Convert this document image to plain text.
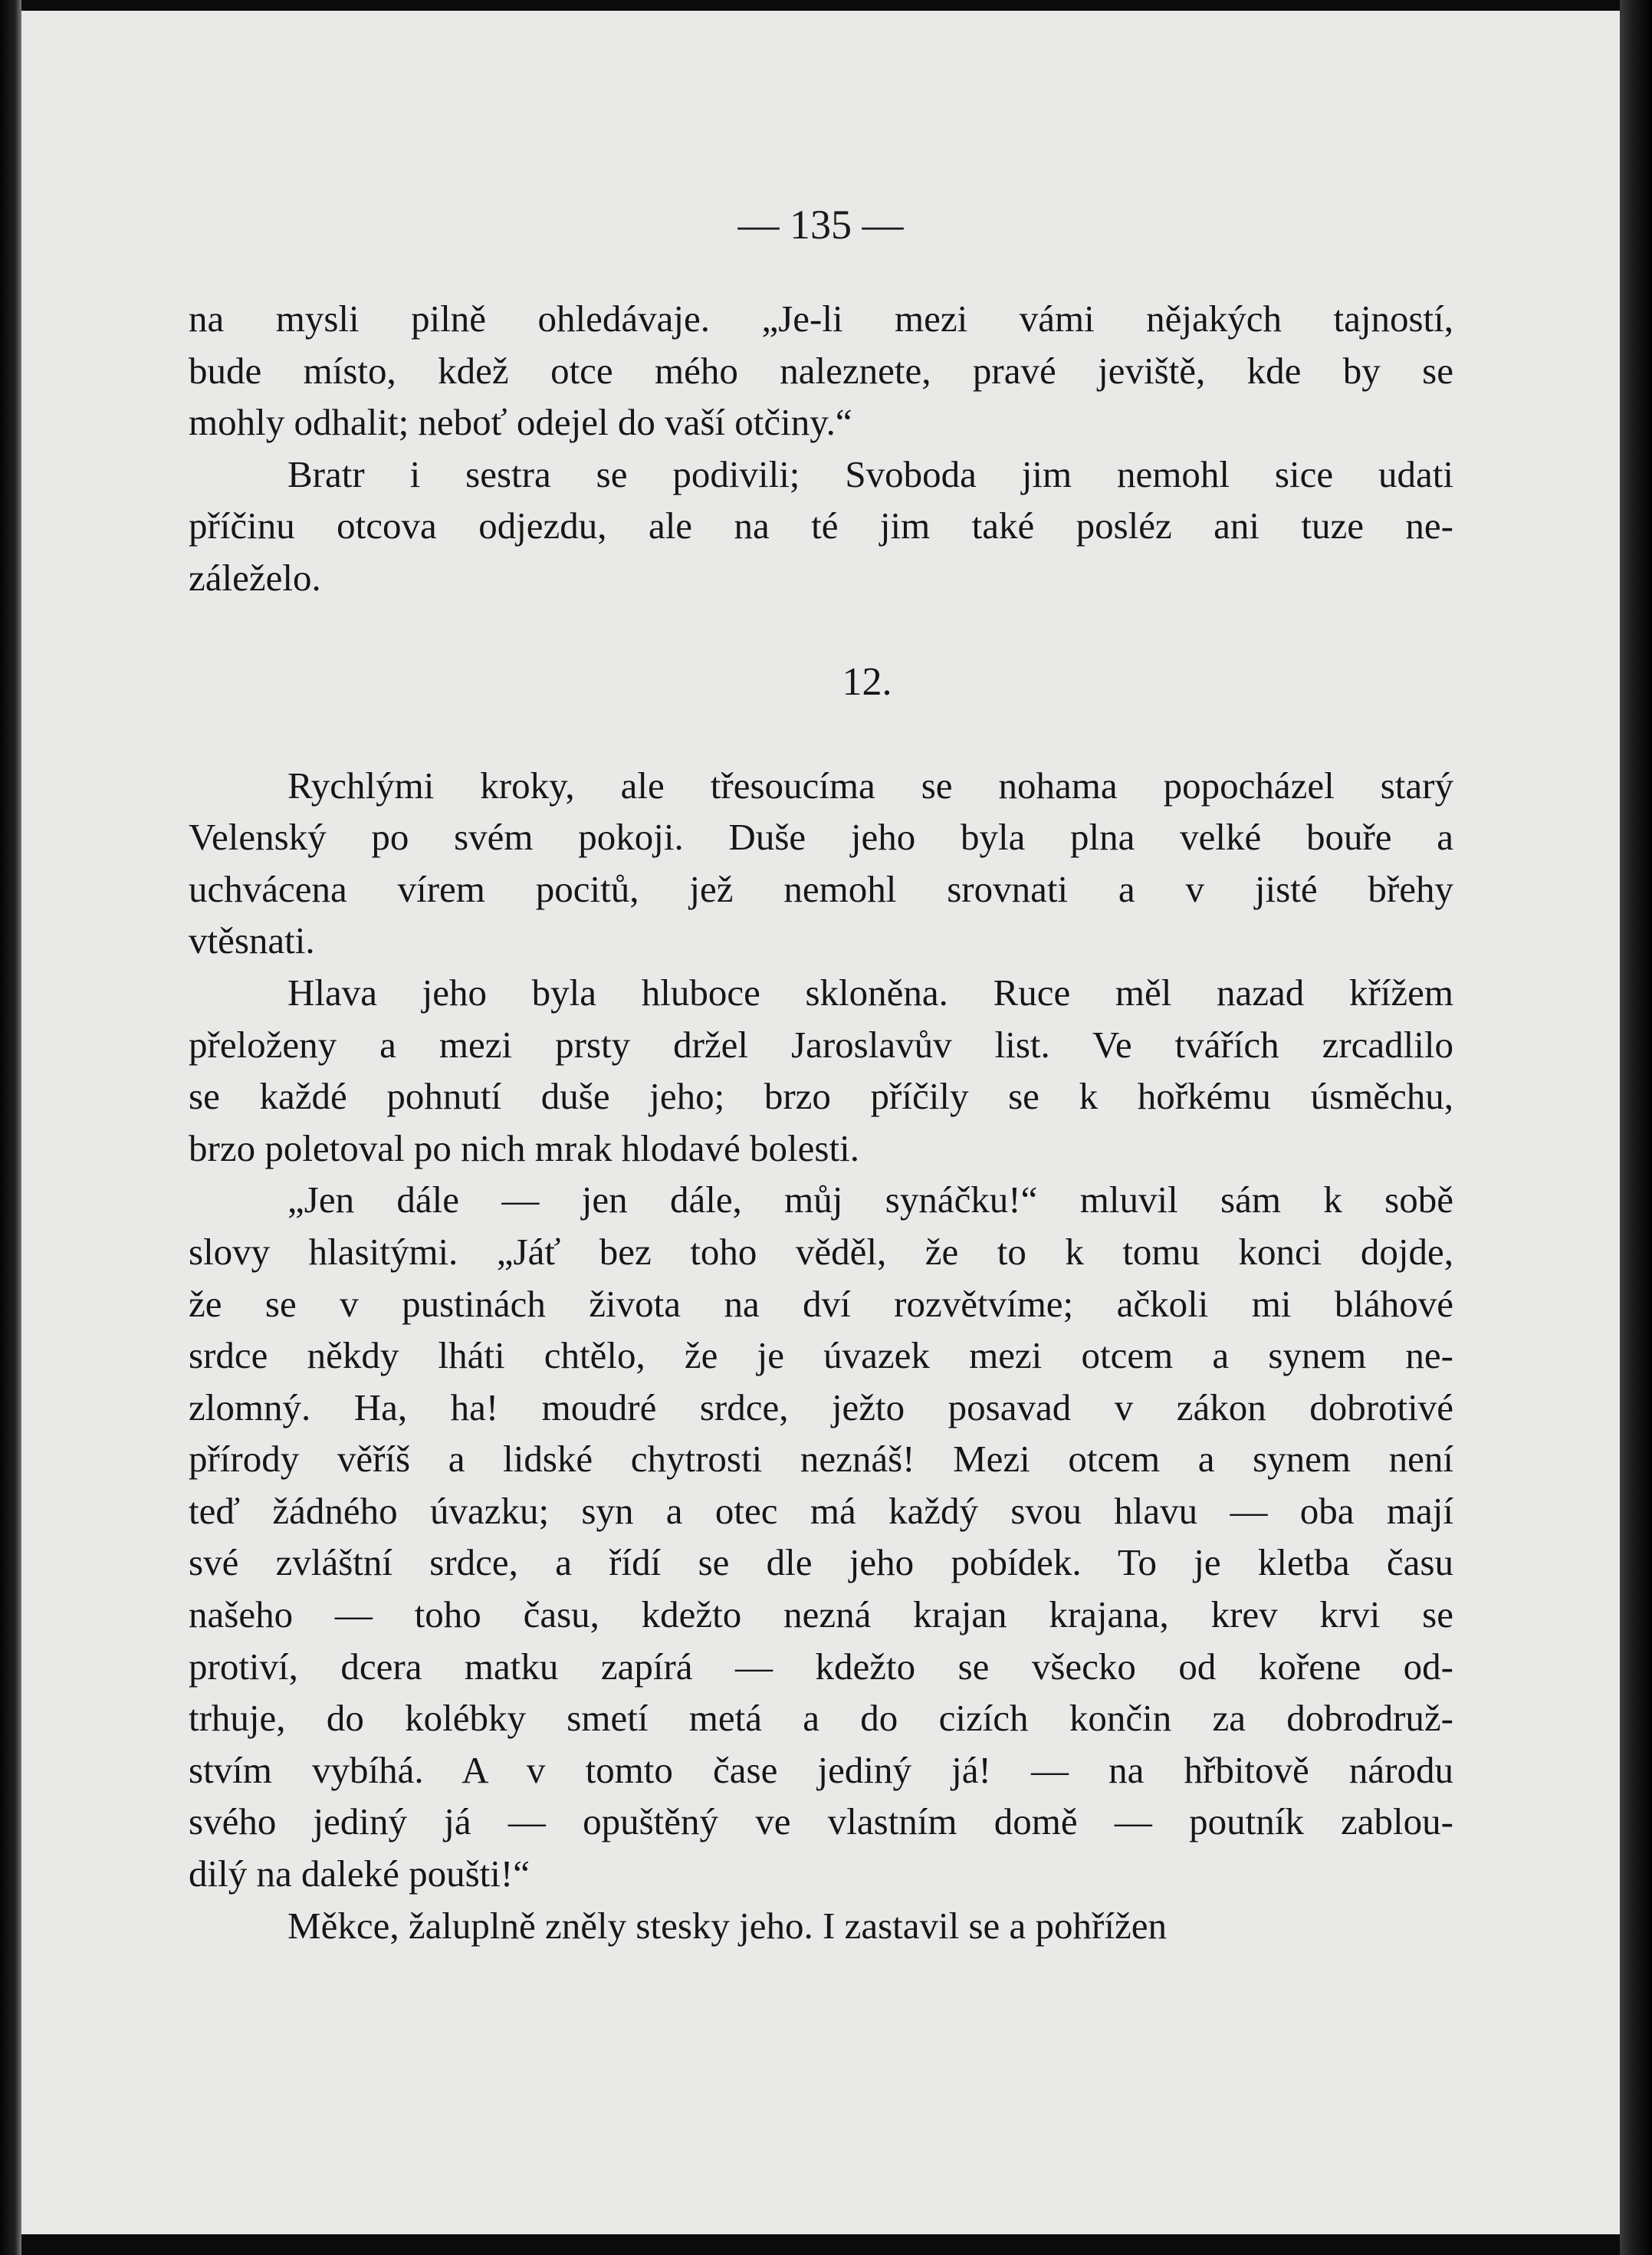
— 135 —

na mysli pilně ohledávaje. „Je-li mezi vámi nějakých tajností,
bude místo, kdež otce mého naleznete, pravé jeviště, kde by se
mohly odhalit; neboť odejel do vaší otčiny.“
Bratr i sestra se podivili; Svoboda jim nemohl sice udati
příčinu otcova odjezdu, ale na té jim také posléz ani tuze ne-
záleželo.
12.
Rychlými kroky, ale třesoucíma se nohama popocházel starý
Velenský po svém pokoji. Duše jeho byla plna velké bouře a
uchvácena vírem pocitů, jež nemohl srovnati a v jisté břehy
vtěsnati.
Hlava jeho byla hluboce skloněna. Ruce měl nazad křížem
přeloženy a mezi prsty držel Jaroslavův list. Ve tvářích zrcadlilo
se každé pohnutí duše jeho; brzo příčily se k hořkému úsměchu,
brzo poletoval po nich mrak hlodavé bolesti.
„Jen dále — jen dále, můj synáčku!“ mluvil sám k sobě
slovy hlasitými. „Jáť bez toho věděl, že to k tomu konci dojde,
že se v pustinách života na dví rozvětvíme; ačkoli mi bláhové
srdce někdy lháti chtělo, že je úvazek mezi otcem a synem ne-
zlomný. Ha, ha! moudré srdce, ježto posavad v zákon dobrotivé
přírody věříš a lidské chytrosti neznáš! Mezi otcem a synem není
teď žádného úvazku; syn a otec má každý svou hlavu — oba mají
své zvláštní srdce, a řídí se dle jeho pobídek. To je kletba času
našeho — toho času, kdežto nezná krajan krajana, krev krvi se
protiví, dcera matku zapírá — kdežto se všecko od kořene od-
trhuje, do kolébky smetí metá a do cizích končin za dobrodruž-
stvím vybíhá. A v tomto čase jediný já! — na hřbitově národu
svého jediný já — opuštěný ve vlastním domě — poutník zablou-
dilý na daleké poušti!“
Měkce, žaluplně zněly stesky jeho. I zastavil se a pohřížen
